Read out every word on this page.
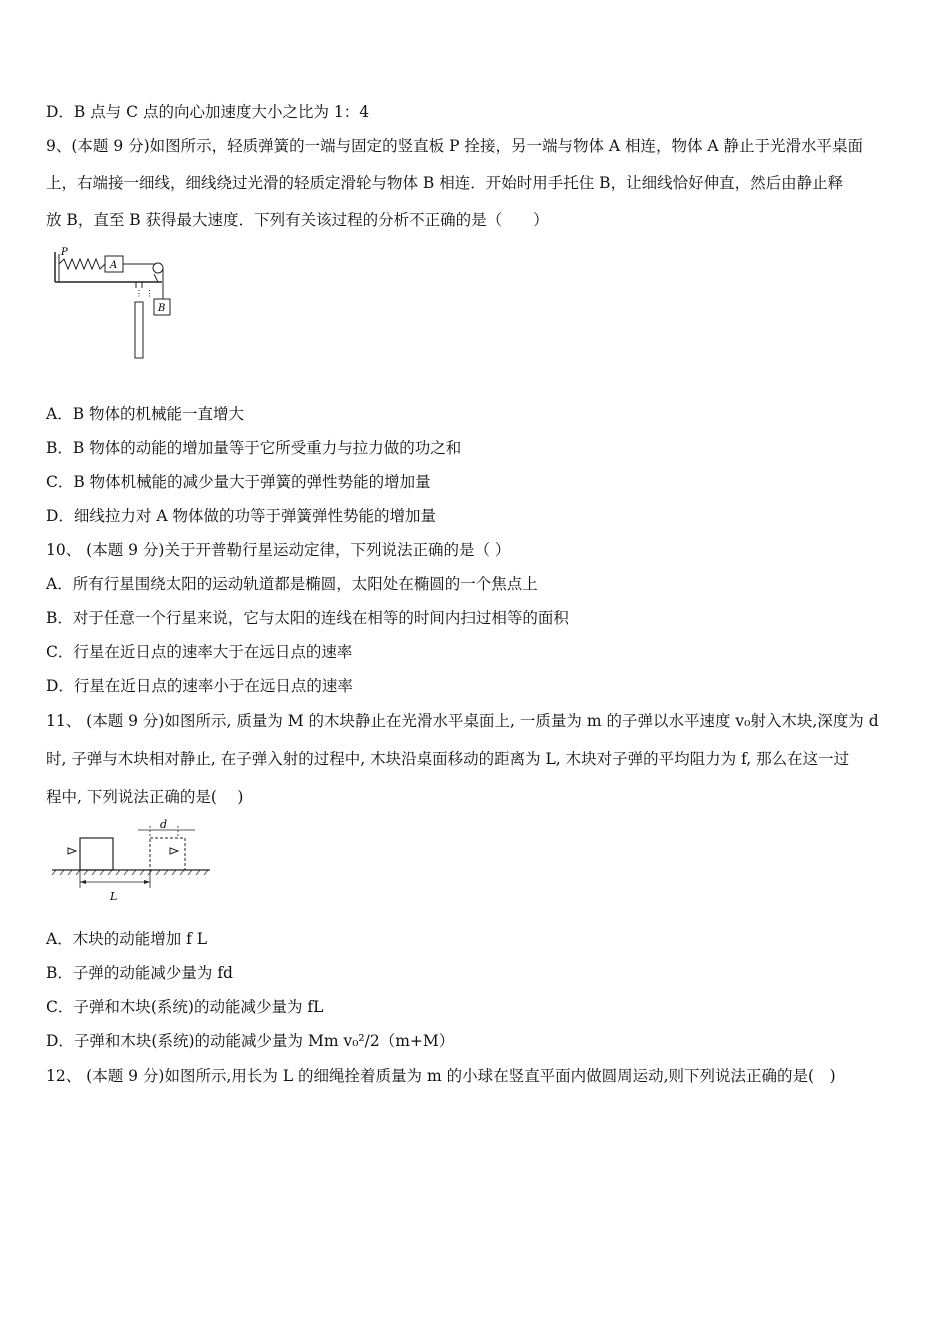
D．B 点与 C 点的向心加速度大小之比为 1：4
9、(本题 9 分)如图所示，轻质弹簧的一端与固定的竖直板 P 拴接，另一端与物体 A 相连，物体 A 静止于光滑水平桌面
上，右端接一细线，细线绕过光滑的轻质定滑轮与物体 B 相连．开始时用手托住 B，让细线恰好伸直，然后由静止释
放 B，直至 B 获得最大速度．下列有关该过程的分析不正确的是（　　）
P
A
B
⋮ ⋮
A．B 物体的机械能一直增大
B．B 物体的动能的增加量等于它所受重力与拉力做的功之和
C．B 物体机械能的减少量大于弹簧的弹性势能的增加量
D．细线拉力对 A 物体做的功等于弹簧弹性势能的增加量
10、 (本题 9 分)关于开普勒行星运动定律，下列说法正确的是（ ）
A．所有行星围绕太阳的运动轨道都是椭圆，太阳处在椭圆的一个焦点上
B．对于任意一个行星来说，它与太阳的连线在相等的时间内扫过相等的面积
C．行星在近日点的速率大于在远日点的速率
D．行星在近日点的速率小于在远日点的速率
11、 (本题 9 分)如图所示, 质量为 M 的木块静止在光滑水平桌面上, 一质量为 m 的子弹以水平速度 v₀射入木块,深度为 d
时, 子弹与木块相对静止, 在子弹入射的过程中, 木块沿桌面移动的距离为 L, 木块对子弹的平均阻力为 f, 那么在这一过
程中, 下列说法正确的是(　 )
d
L
A．木块的动能增加 f L
B．子弹的动能减少量为 fd
C．子弹和木块(系统)的动能减少量为 fL
D．子弹和木块(系统)的动能减少量为 Mm v₀²/2（m+M）
12、 (本题 9 分)如图所示,用长为 L 的细绳拴着质量为 m 的小球在竖直平面内做圆周运动,则下列说法正确的是(　)
